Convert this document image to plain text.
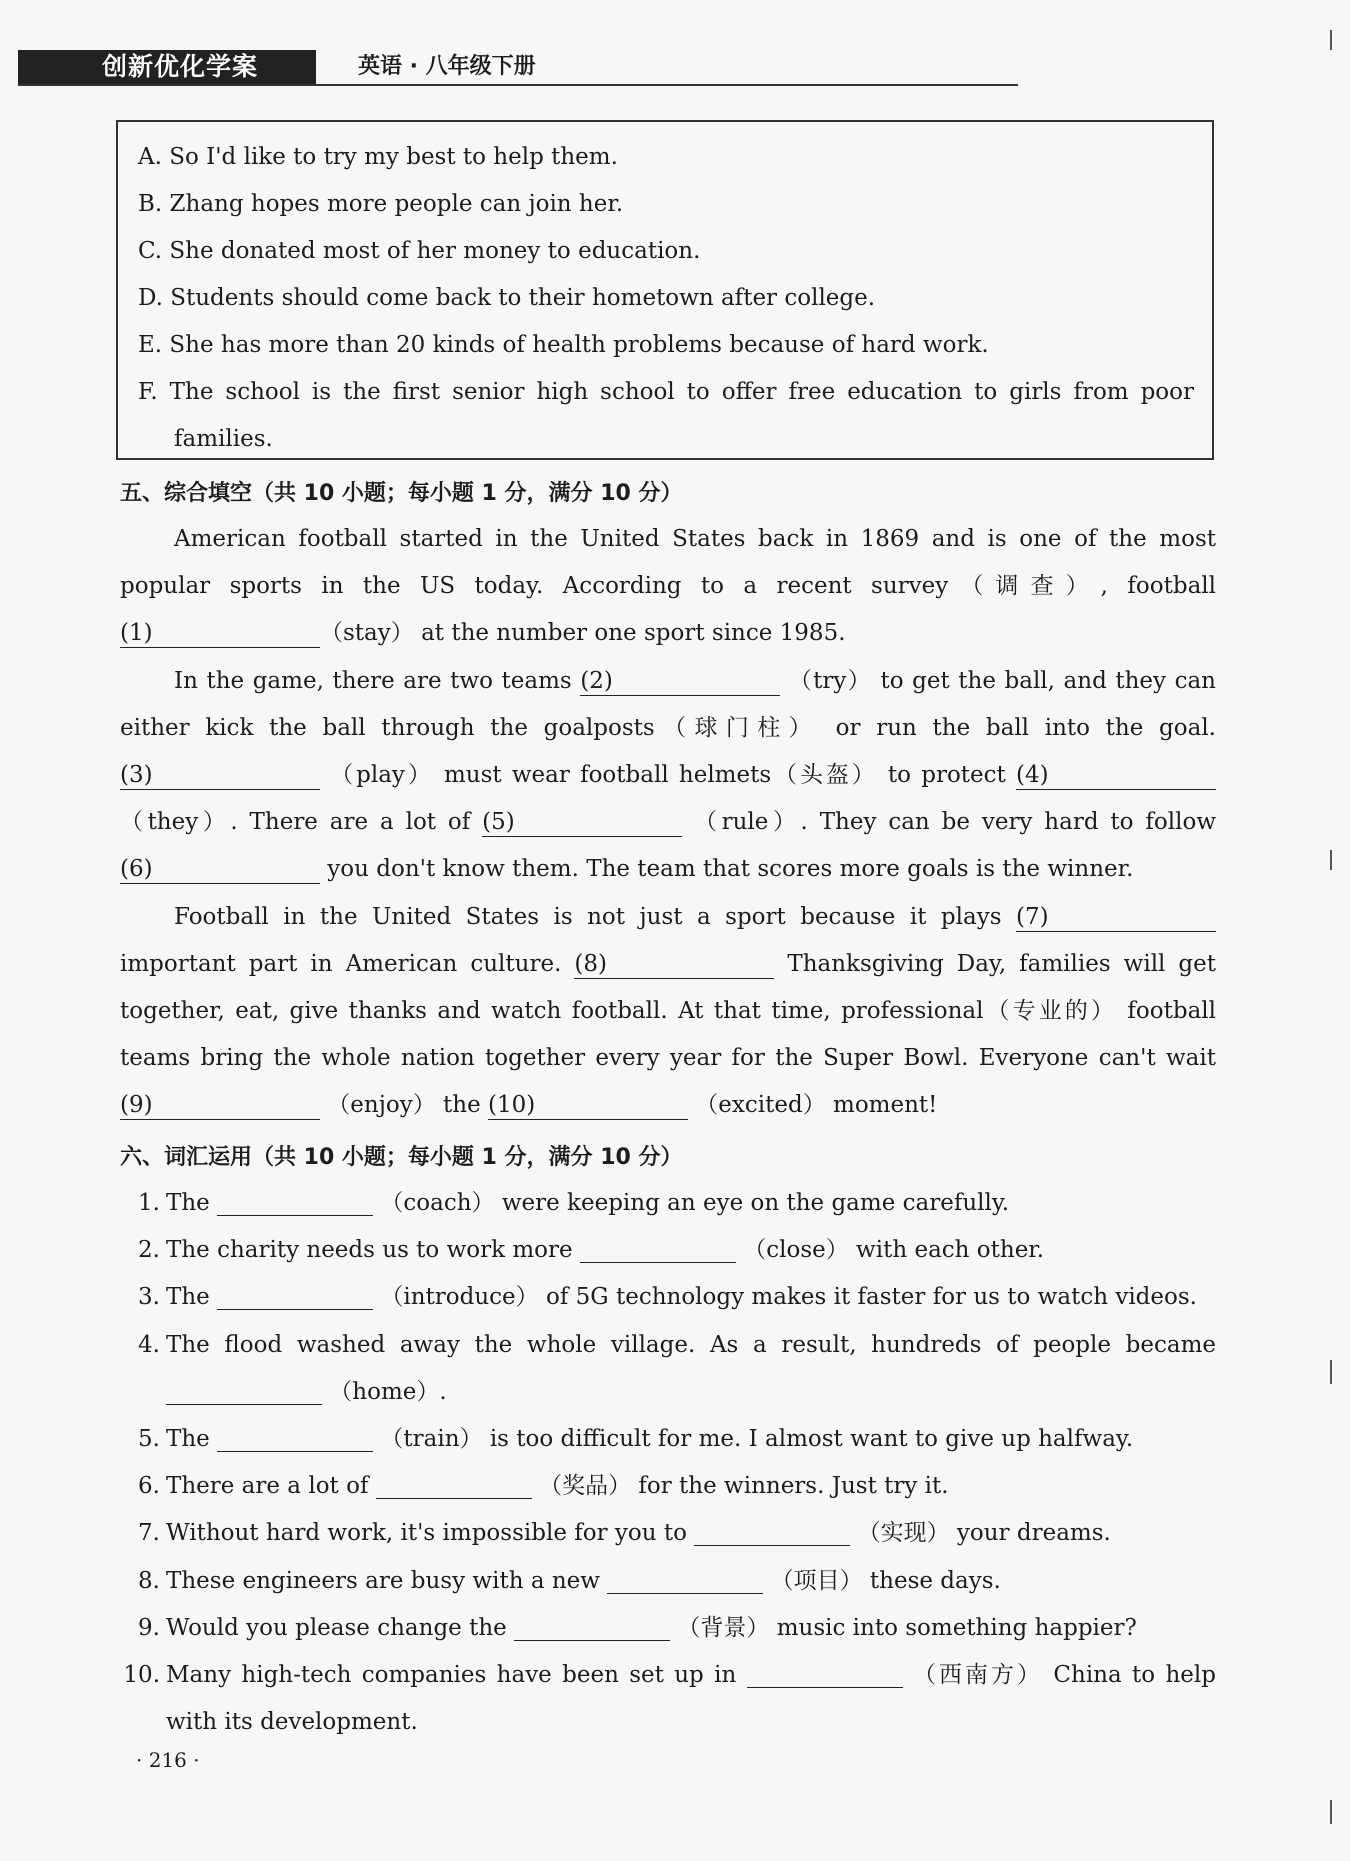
创新优化学案	英语 · 八年级下册
A. So I'd like to try my best to help them.
B. Zhang hopes more people can join her.
C. She donated most of her money to education.
D. Students should come back to their hometown after college.
E. She has more than 20 kinds of health problems because of hard work.
F. The school is the first senior high school to offer free education to girls from poor families.
五、综合填空（共 10 小题；每小题 1 分，满分 10 分）

American football started in the United States back in 1869 and is one of the most popular sports in the US today. According to a recent survey（调查）, football (1)	（stay） at the number one sport since 1985.

In the game, there are two teams (2)	（try） to get the ball, and they can either kick the ball through the goalposts（球门柱） or run the ball into the goal. (3)	（play） must wear football helmets（头盔） to protect (4) （they）. There are a lot of (5)	（rule）. They can be very hard to follow (6)	you don't know them. The team that scores more goals is the winner.

Football in the United States is not just a sport because it plays (7) important part in American culture. (8)	Thanksgiving Day, families will get together, eat, give thanks and watch football. At that time, professional（专业的） football teams bring the whole nation together every year for the Super Bowl. Everyone can't wait (9)	（enjoy） the (10)	（excited） moment!

六、词汇运用（共 10 小题；每小题 1 分，满分 10 分）
1. The	（coach） were keeping an eye on the game carefully.
2. The charity needs us to work more	（close） with each other.
3. The	（introduce） of 5G technology makes it faster for us to watch videos.
4. The flood washed away the whole village. As a result, hundreds of people became  （home）.
5. The	（train） is too difficult for me. I almost want to give up halfway.
6. There are a lot of	（奖品） for the winners. Just try it.
7. Without hard work, it's impossible for you to	（实现） your dreams.
8. These engineers are busy with a new	（项目） these days.
9. Would you please change the	（背景） music into something happier?
10. Many high-tech companies have been set up in	（西南方） China to help with its development.
· 216 ·
